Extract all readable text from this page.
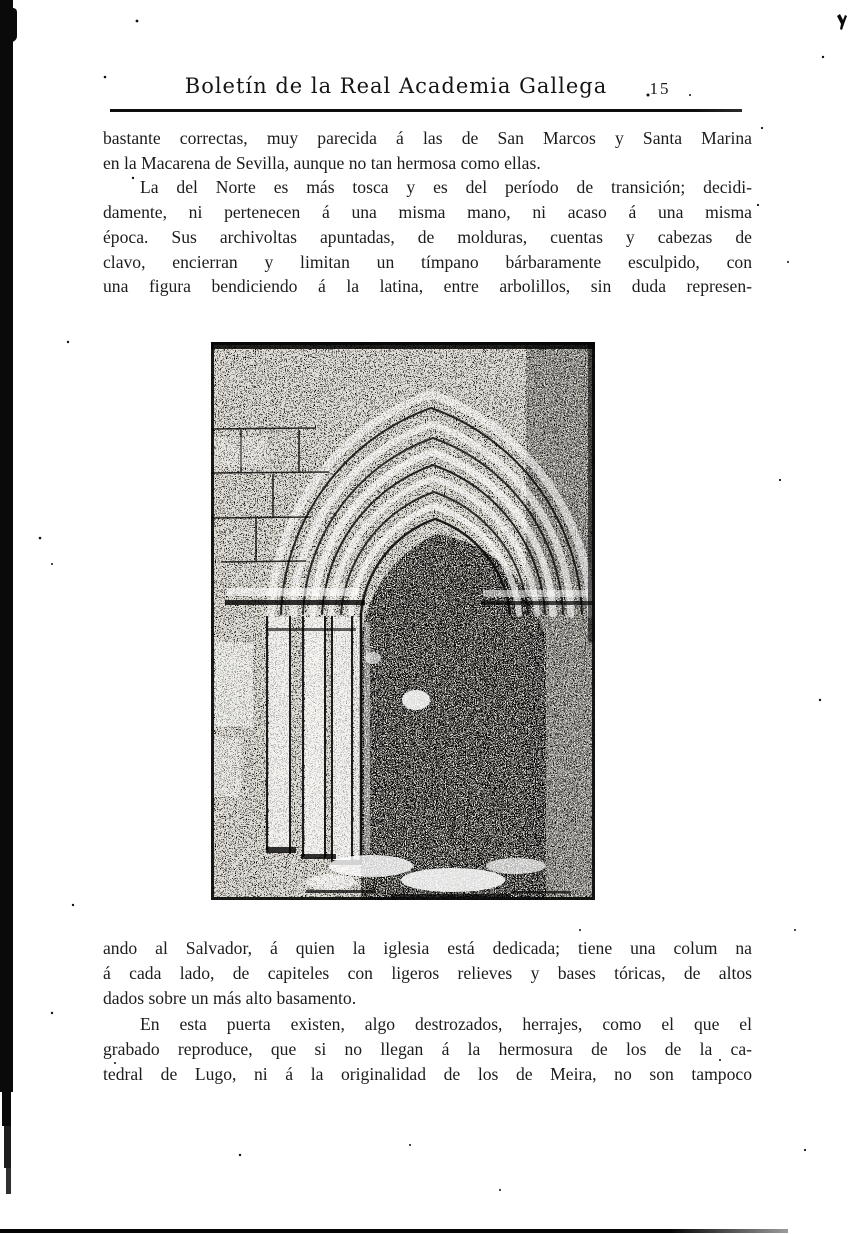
Boletín de la Real Academia Gallega	15
bastante correctas, muy parecida á las de San Marcos y Santa Marina
en la Macarena de Sevilla, aunque no tan hermosa como ellas.
La del Norte es más tosca y es del período de transición; decidi-
damente, ni pertenecen á una misma mano, ni acaso á una misma
época. Sus archivoltas apuntadas, de molduras, cuentas y cabezas de
clavo, encierran y limitan un tímpano bárbaramente esculpido, con
una figura bendiciendo á la latina, entre arbolillos, sin duda represen-
ando al Salvador, á quien la iglesia está dedicada; tiene una colum na
á cada lado, de capiteles con ligeros relieves y bases tóricas, de altos
dados sobre un más alto basamento.
En esta puerta existen, algo destrozados, herrajes, como el que el
grabado reproduce, que si no llegan á la hermosura de los de la ca-
tedral de Lugo, ni á la originalidad de los de Meira, no son tampoco
